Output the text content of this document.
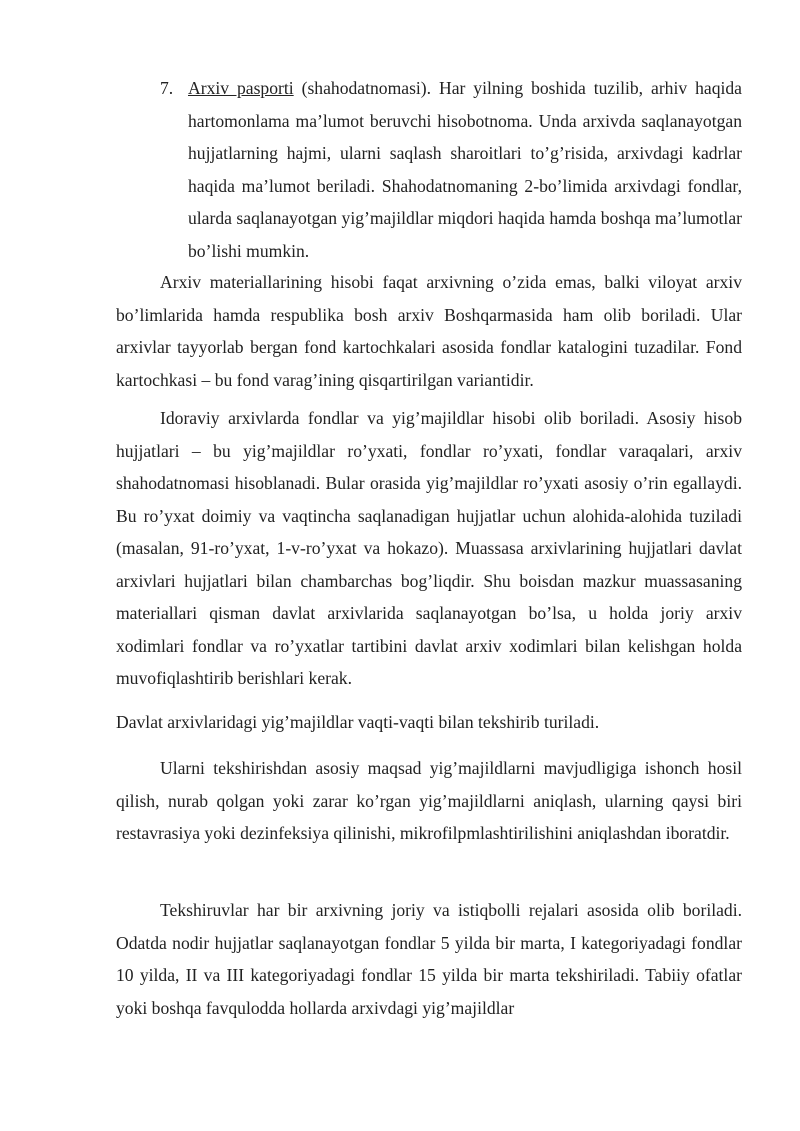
7. Arxiv pasporti (shahodatnomasi). Har yilning boshida tuzilib, arhiv haqida hartomonlama ma’lumot beruvchi hisobotnoma. Unda arxivda saqlanayotgan hujjatlarning hajmi, ularni saqlash sharoitlari to’g’risida, arxivdagi kadrlar haqida ma’lumot beriladi. Shahodatnomaning 2-bo’limida arxivdagi fondlar, ularda saqlanayotgan yig’majildlar miqdori haqida hamda boshqa ma’lumotlar bo’lishi mumkin.

Arxiv materiallarining hisobi faqat arxivning o’zida emas, balki viloyat arxiv bo’limlarida hamda respublika bosh arxiv Boshqarmasida ham olib boriladi. Ular arxivlar tayyorlab bergan fond kartochkalari asosida fondlar katalogini tuzadilar. Fond kartochkasi – bu fond varag’ining qisqartirilgan variantidir.

Idoraviy arxivlarda fondlar va yig’majildlar hisobi olib boriladi. Asosiy hisob hujjatlari – bu yig’majildlar ro’yxati, fondlar ro’yxati, fondlar varaqalari, arxiv shahodatnomasi hisoblanadi. Bular orasida yig’majildlar ro’yxati asosiy o’rin egallaydi. Bu ro’yxat doimiy va vaqtincha saqlanadigan hujjatlar uchun alohida-alohida tuziladi (masalan, 91-ro’yxat, 1-v-ro’yxat va hokazo). Muassasa arxivlarining hujjatlari davlat arxivlari hujjatlari bilan chambarchas bog’liqdir. Shu boisdan mazkur muassasaning materiallari qisman davlat arxivlarida saqlanayotgan bo’lsa, u holda joriy arxiv xodimlari fondlar va ro’yxatlar tartibini davlat arxiv xodimlari bilan kelishgan holda muvofiqlashtirib berishlari kerak.

Davlat arxivlaridagi yig’majildlar vaqti-vaqti bilan tekshirib turiladi.

Ularni tekshirishdan asosiy maqsad yig’majildlarni mavjudligiga ishonch hosil qilish, nurab qolgan yoki zarar ko’rgan yig’majildlarni aniqlash, ularning qaysi biri restavrasiya yoki dezinfeksiya qilinishi, mikrofilpmlashtirilishini aniqlashdan iboratdir.

Tekshiruvlar har bir arxivning joriy va istiqbolli rejalari asosida olib boriladi. Odatda nodir hujjatlar saqlanayotgan fondlar 5 yilda bir marta, I kategoriyadagi fondlar 10 yilda, II va III kategoriyadagi fondlar 15 yilda bir marta tekshiriladi. Tabiiy ofatlar yoki boshqa favqulodda hollarda arxivdagi yig’majildlar
